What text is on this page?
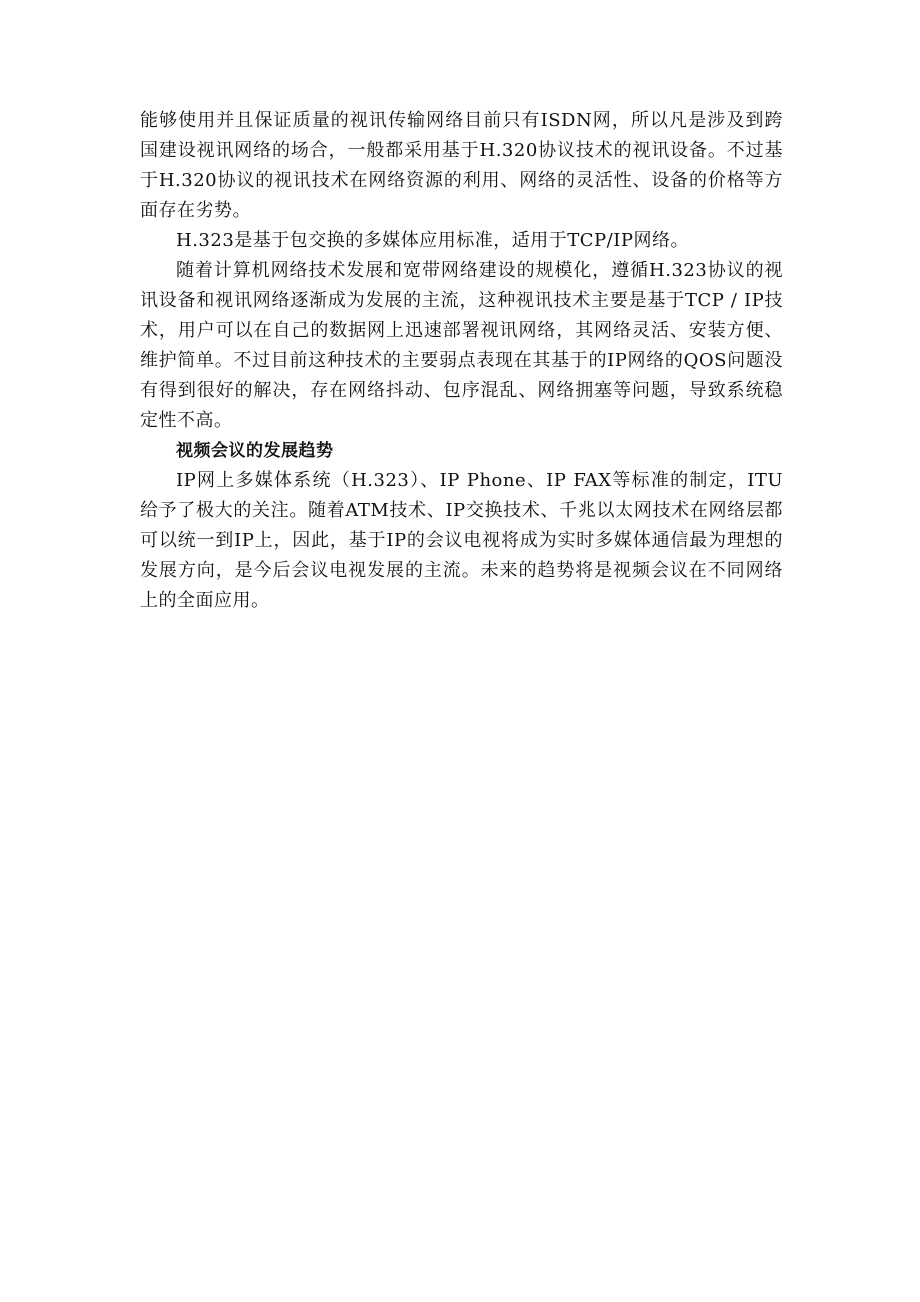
能够使用并且保证质量的视讯传输网络目前只有ISDN网，所以凡是涉及到跨国建设视讯网络的场合，一般都采用基于H.320协议技术的视讯设备。不过基于H.320协议的视讯技术在网络资源的利用、网络的灵活性、设备的价格等方面存在劣势。

H.323是基于包交换的多媒体应用标准，适用于TCP/IP网络。

随着计算机网络技术发展和宽带网络建设的规模化，遵循H.323协议的视讯设备和视讯网络逐渐成为发展的主流，这种视讯技术主要是基于TCP / IP技术，用户可以在自己的数据网上迅速部署视讯网络，其网络灵活、安装方便、维护简单。不过目前这种技术的主要弱点表现在其基于的IP网络的QOS问题没有得到很好的解决，存在网络抖动、包序混乱、网络拥塞等问题，导致系统稳定性不高。

视频会议的发展趋势

IP网上多媒体系统（H.323）、IP Phone、IP FAX等标准的制定，ITU给予了极大的关注。随着ATM技术、IP交换技术、千兆以太网技术在网络层都可以统一到IP上，因此，基于IP的会议电视将成为实时多媒体通信最为理想的发展方向，是今后会议电视发展的主流。未来的趋势将是视频会议在不同网络上的全面应用。
